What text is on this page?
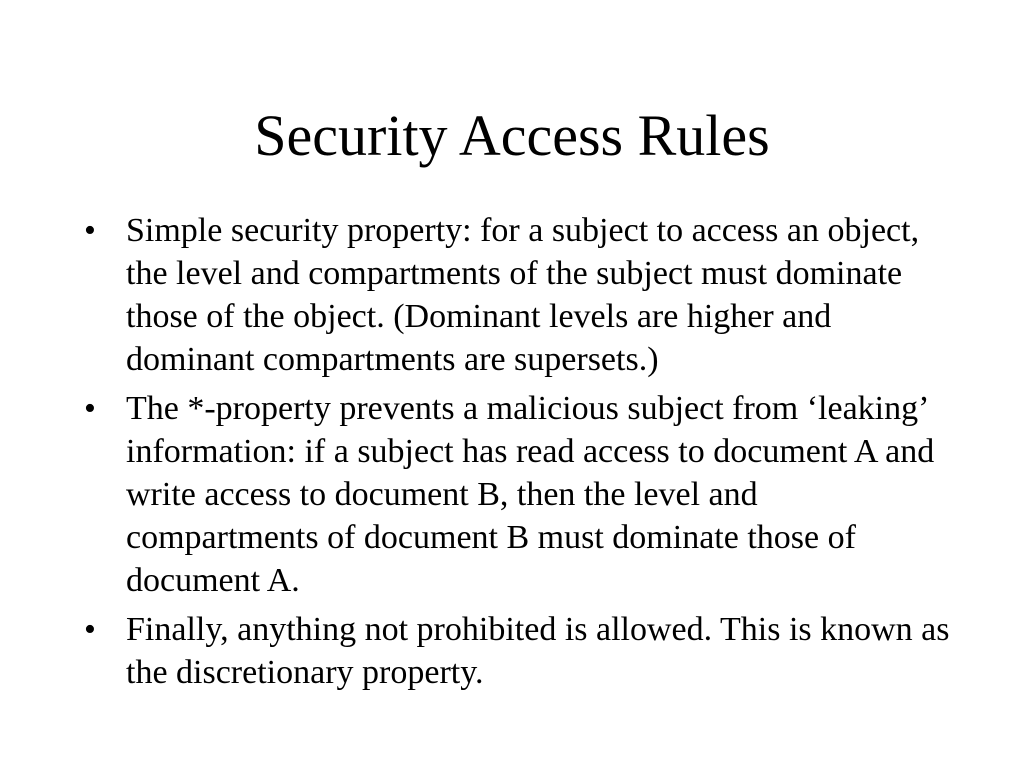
Security Access Rules
• Simple security property: for a subject to access an object, the level and compartments of the subject must dominate those of the object. (Dominant levels are higher and dominant compartments are supersets.)
• The *-property prevents a malicious subject from ‘leaking’ information: if a subject has read access to document A and write access to document B, then the level and compartments of document B must dominate those of document A.
• Finally, anything not prohibited is allowed. This is known as the discretionary property.
